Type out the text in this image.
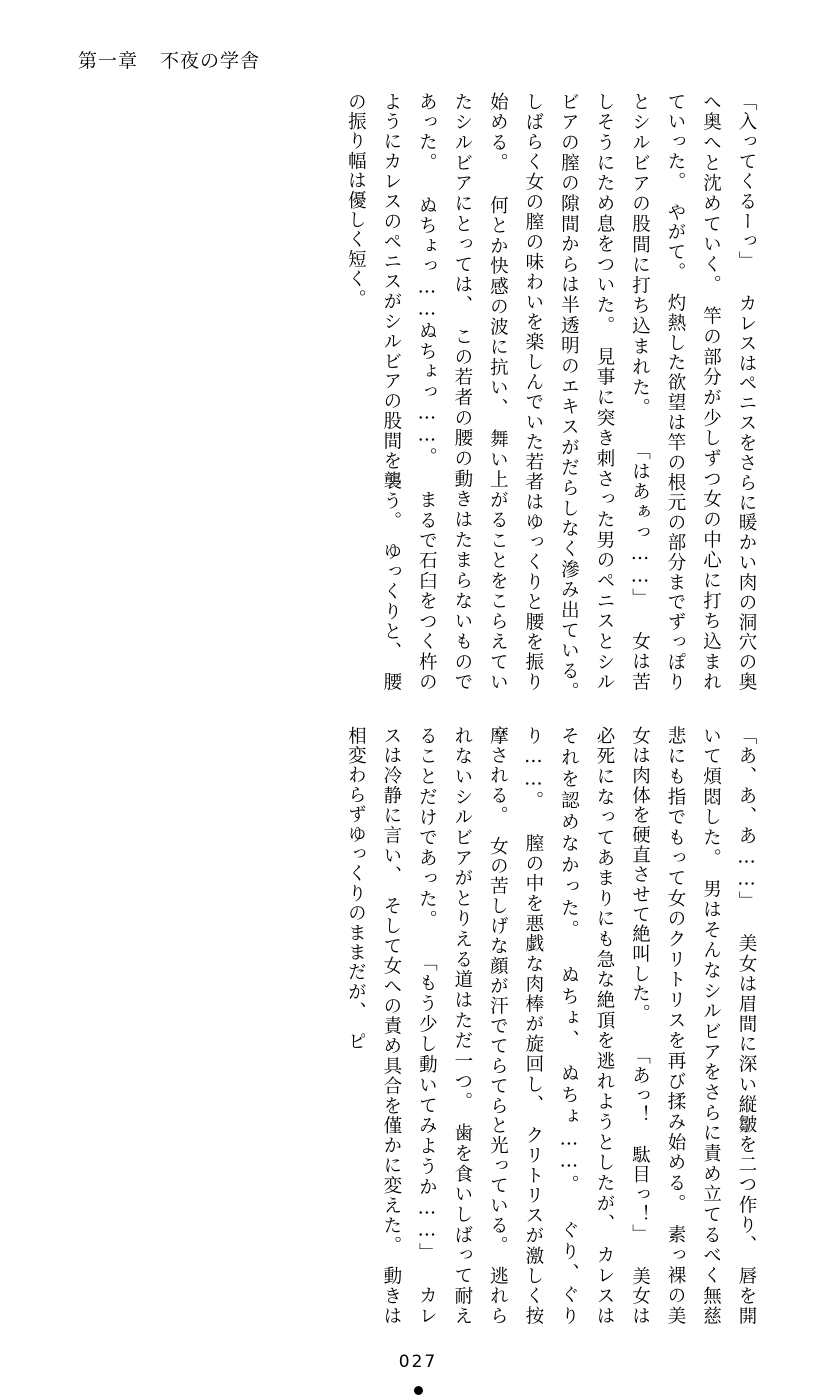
第一章 不夜の学舎
「入ってくるーっ」 カレスはペニスをさらに暖かい肉の洞穴の奥へ奥へと沈めていく。　竿の部分が少しずつ女の中心に打ち込まれていった。　やがて。　灼熱した欲望は竿の根元の部分までずっぽりとシルビアの股間に打ち込まれた。 「はあぁっ……」 女は苦しそうにため息をついた。　見事に突き刺さった男のペニスとシルビアの膣の隙間からは半透明のエキスがだらしなく滲み出ている。　しばらく女の膣の味わいを楽しんでいた若者はゆっくりと腰を振り始める。 何とか快感の波に抗い、　舞い上がることをこらえていたシルビアにとっては、　この若者の腰の動きはたまらないものであった。 ぬちょっ……ぬちょっ……。 まるで石臼をつく杵のようにカレスのペニスがシルビアの股間を襲う。　ゆっくりと、　腰の振り幅は優しく短く。
「あ、あ、あ……」 美女は眉間に深い縦皺を二つ作り、　唇を開いて煩悶した。　男はそんなシルビアをさらに責め立てるべく無慈悲にも指でもって女のクリトリスを再び揉み始める。　素っ裸の美女は肉体を硬直させて絶叫した。 「あっ！　駄目っ！」 美女は必死になってあまりにも急な絶頂を逃れようとしたが、　カレスはそれを認めなかった。 ぬちょ、　ぬちょ……。 ぐり、ぐりり……。 膣の中を悪戯な肉棒が旋回し、　クリトリスが激しく按摩される。　女の苦しげな顔が汗でてらてらと光っている。　逃れられないシルビアがとりえる道はただ一つ。　歯を食いしばって耐えることだけであった。 「もう少し動いてみようか……」 カレスは冷静に言い、　そして女への責め具合を僅かに変えた。　動きは相変わらずゆっくりのままだが、　ピ
027
